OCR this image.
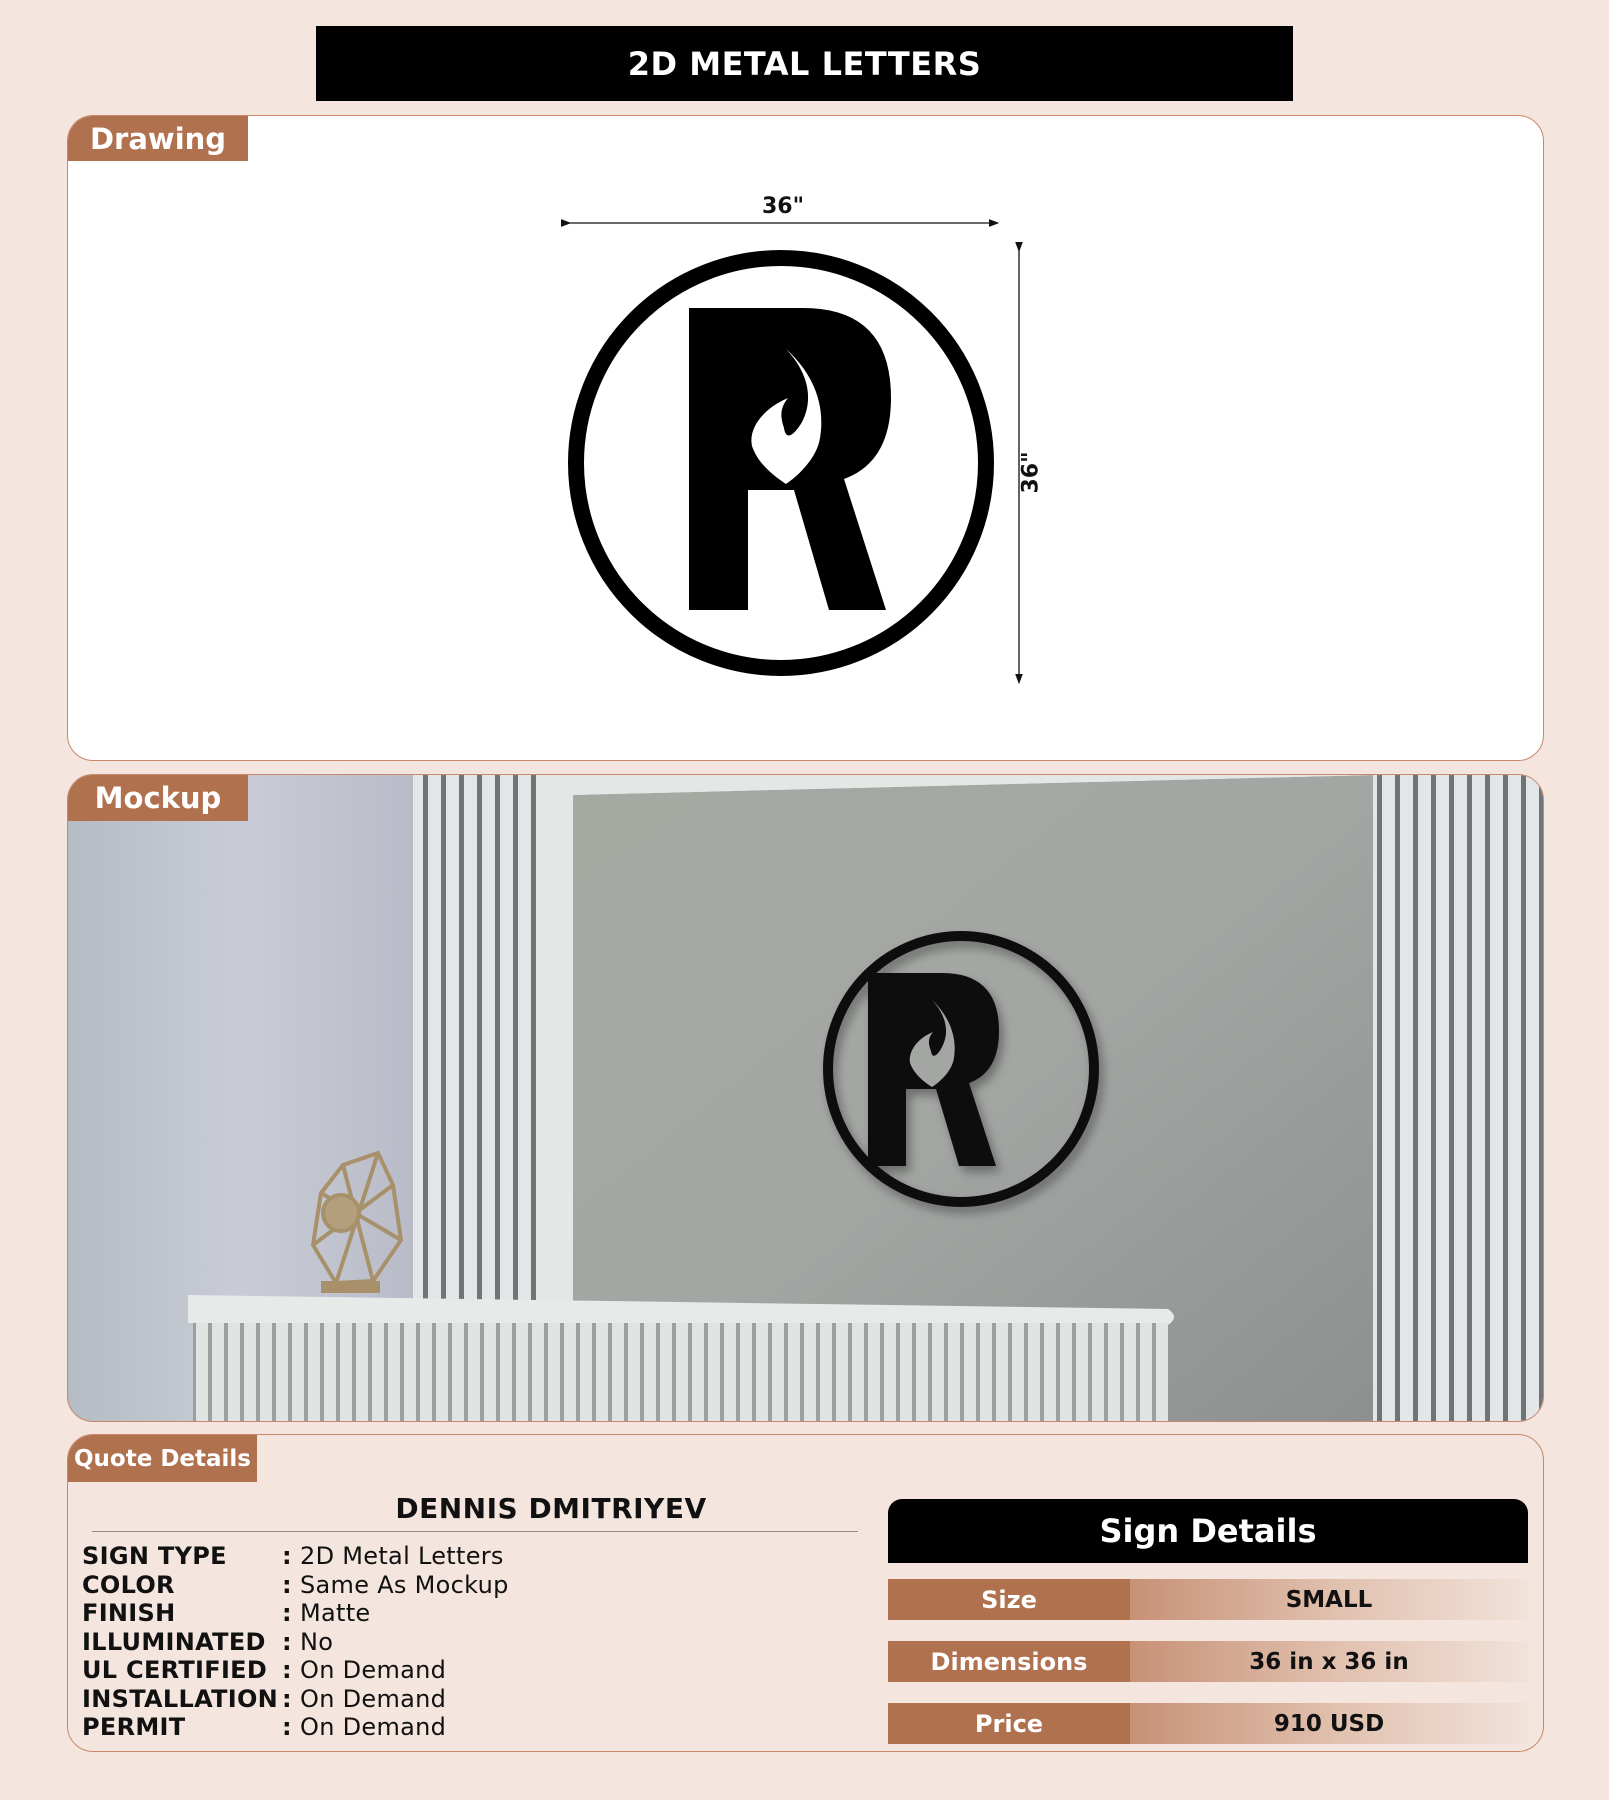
2D METAL LETTERS
Drawing
36"
36"
Mockup
Quote Details
DENNIS DMITRIYEV
SIGN TYPE	: 2D Metal Letters
COLOR	: Same As Mockup
FINISH	: Matte
ILLUMINATED : No
UL CERTIFIED : On Demand
INSTALLATION : On Demand
PERMIT	: On Demand
Sign Details
Size	SMALL
Dimensions	36 in x 36 in
Price	910 USD
